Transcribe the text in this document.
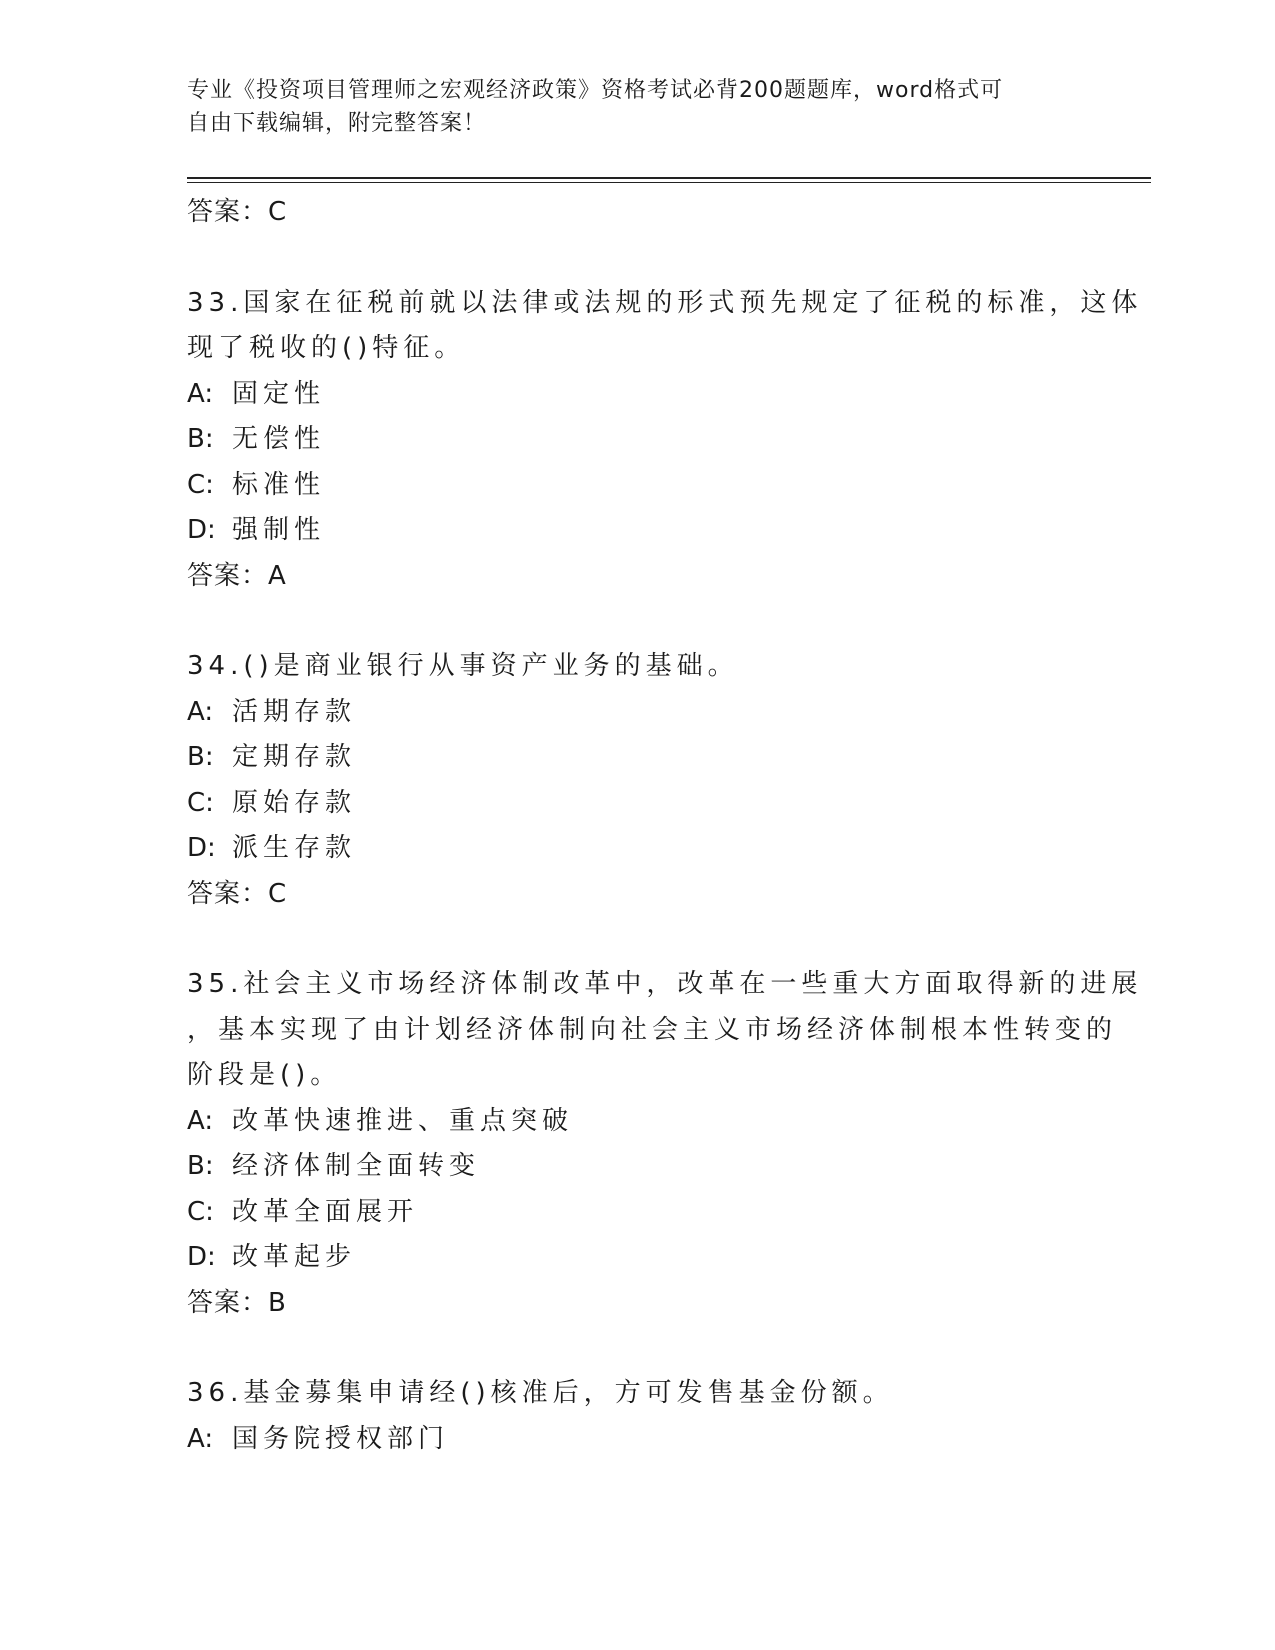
专业《投资项目管理师之宏观经济政策》资格考试必背200题题库，word格式可
自由下载编辑，附完整答案！
答案：C
33.国家在征税前就以法律或法规的形式预先规定了征税的标准，这体
现了税收的()特征。
A: 固定性
B: 无偿性
C: 标准性
D: 强制性
答案：A
34.()是商业银行从事资产业务的基础。
A: 活期存款
B: 定期存款
C: 原始存款
D: 派生存款
答案：C
35.社会主义市场经济体制改革中，改革在一些重大方面取得新的进展
，基本实现了由计划经济体制向社会主义市场经济体制根本性转变的
阶段是()。
A: 改革快速推进、重点突破
B: 经济体制全面转变
C: 改革全面展开
D: 改革起步
答案：B
36.基金募集申请经()核准后，方可发售基金份额。
A: 国务院授权部门
